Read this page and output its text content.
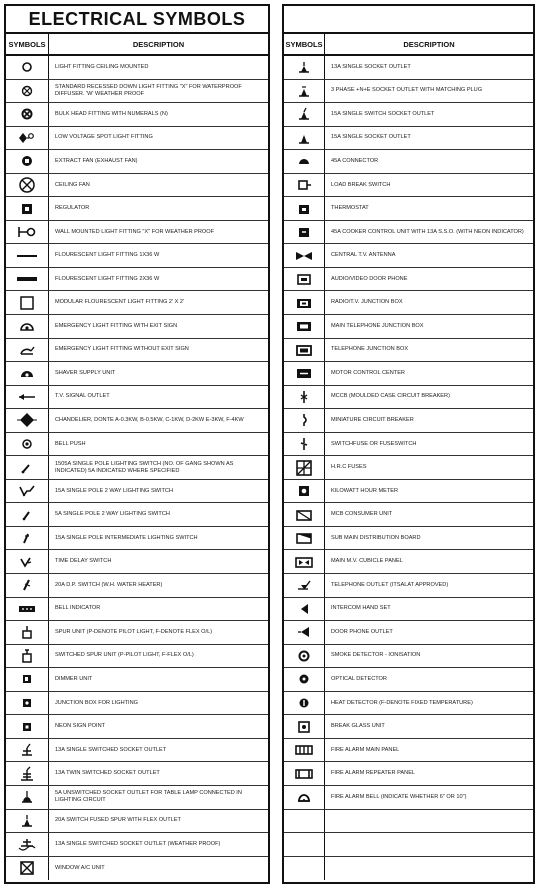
ELECTRICAL SYMBOLS
SYMBOLS	DESCRIPTION
LIGHT FITTING CEILING MOUNTED
STANDARD RECESSED DOWN LIGHT FITTING "X" FOR WATERPROOF DIFFUSER. 'W' WEATHER PROOF
BULK HEAD FITTING WITH NUMERALS (N)
LOW VOLTAGE SPOT LIGHT FITTING
EXTRACT FAN (EXHAUST FAN)
CEILING FAN
REGULATOR
WALL MOUNTED LIGHT FITTING "X" FOR WEATHER PROOF
FLOURESCENT LIGHT FITTING 1X36 W
FLOURESCENT LIGHT FITTING 2X36 W
MODULAR FLOURESCENT LIGHT FITTING 2' X 2'
EMERGENCY LIGHT FITTING WITH EXIT SIGN
EMERGENCY LIGHT FITTING WITHOUT EXIT SIGN
SHAVER SUPPLY UNIT
T.V. SIGNAL OUTLET
CHANDELIER, DONTE A-0.3KW, B-0.5KW, C-1KW, D-2KW E-3KW, F-4KW
BELL PUSH
1505A SINGLE POLE LIGHTING SWITCH (NO. OF GANG SHOWN AS INDICATED) 5A INDICATED WHERE SPECIFIED
15A SINGLE POLE 2 WAY LIGHTING SWITCH
5A SINGLE POLE 2 WAY LIGHTING SWITCH
15A SINGLE POLE INTERMEDIATE LIGHTING SWITCH
TIME DELAY SWITCH
20A D.P. SWITCH (W.H. WATER HEATER)
BELL INDICATOR
SPUR UNIT (P-DENOTE PILOT LIGHT, F-DENOTE FLEX O/L)
SWITCHED SPUR UNIT (P-PILOT LIGHT, F-FLEX O/L)
DIMMER UNIT
JUNCTION BOX FOR LIGHTING
NEON SIGN POINT
13A SINGLE SWITCHED SOCKET OUTLET
13A TWIN SWITCHED SOCKET OUTLET
5A UNSWITCHED SOCKET OUTLET FOR TABLE LAMP CONNECTED IN LIGHTING CIRCUIT
20A SWITCH FUSED SPUR WITH FLEX OUTLET
13A SINGLE SWITCHED SOCKET OUTLET (WEATHER PROOF)
WINDOW A/C UNIT
SYMBOLS	DESCRIPTION
13A SINGLE SOCKET OUTLET
3 PHASE +N+E SOCKET OUTLET WITH MATCHING PLUG
15A SINGLE SWITCH SOCKET OUTLET
15A SINGLE SOCKET OUTLET
45A CONNECTOR
LOAD BREAK SWITCH
THERMOSTAT
45A COOKER CONTROL UNIT WITH 13A S.S.O. (WITH NEON INDICATOR)
CENTRAL T.V. ANTENNA
AUDIO/VIDEO DOOR PHONE
RADIO/T.V. JUNCTION BOX
MAIN TELEPHONE JUNCTION BOX
TELEPHONE JUNCTION BOX
MOTOR CONTROL CENTER
MCCB (MOULDED CASE CIRCUIT BREAKER)
MINIATURE CIRCUIT BREAKER
SWITCHFUSE OR FUSESWITCH
H.R.C FUSES
KILOWATT HOUR METER
MCB CONSUMER UNIT
SUB MAIN DISTRIBUTION BOARD
MAIN M.V. CUBICLE PANEL
TELEPHONE OUTLET (ITSALAT APPROVED)
INTERCOM HAND SET
DOOR PHONE OUTLET
SMOKE DETECTOR - IONISATION
OPTICAL DETECTOR
HEAT DETECTOR (F-DENOTE FIXED TEMPERATURE)
BREAK GLASS UNIT
FIRE ALARM MAIN PANEL
FIRE ALARM REPEATER PANEL
FIRE ALARM BELL (INDICATE WHETHER 6" OR 10")
